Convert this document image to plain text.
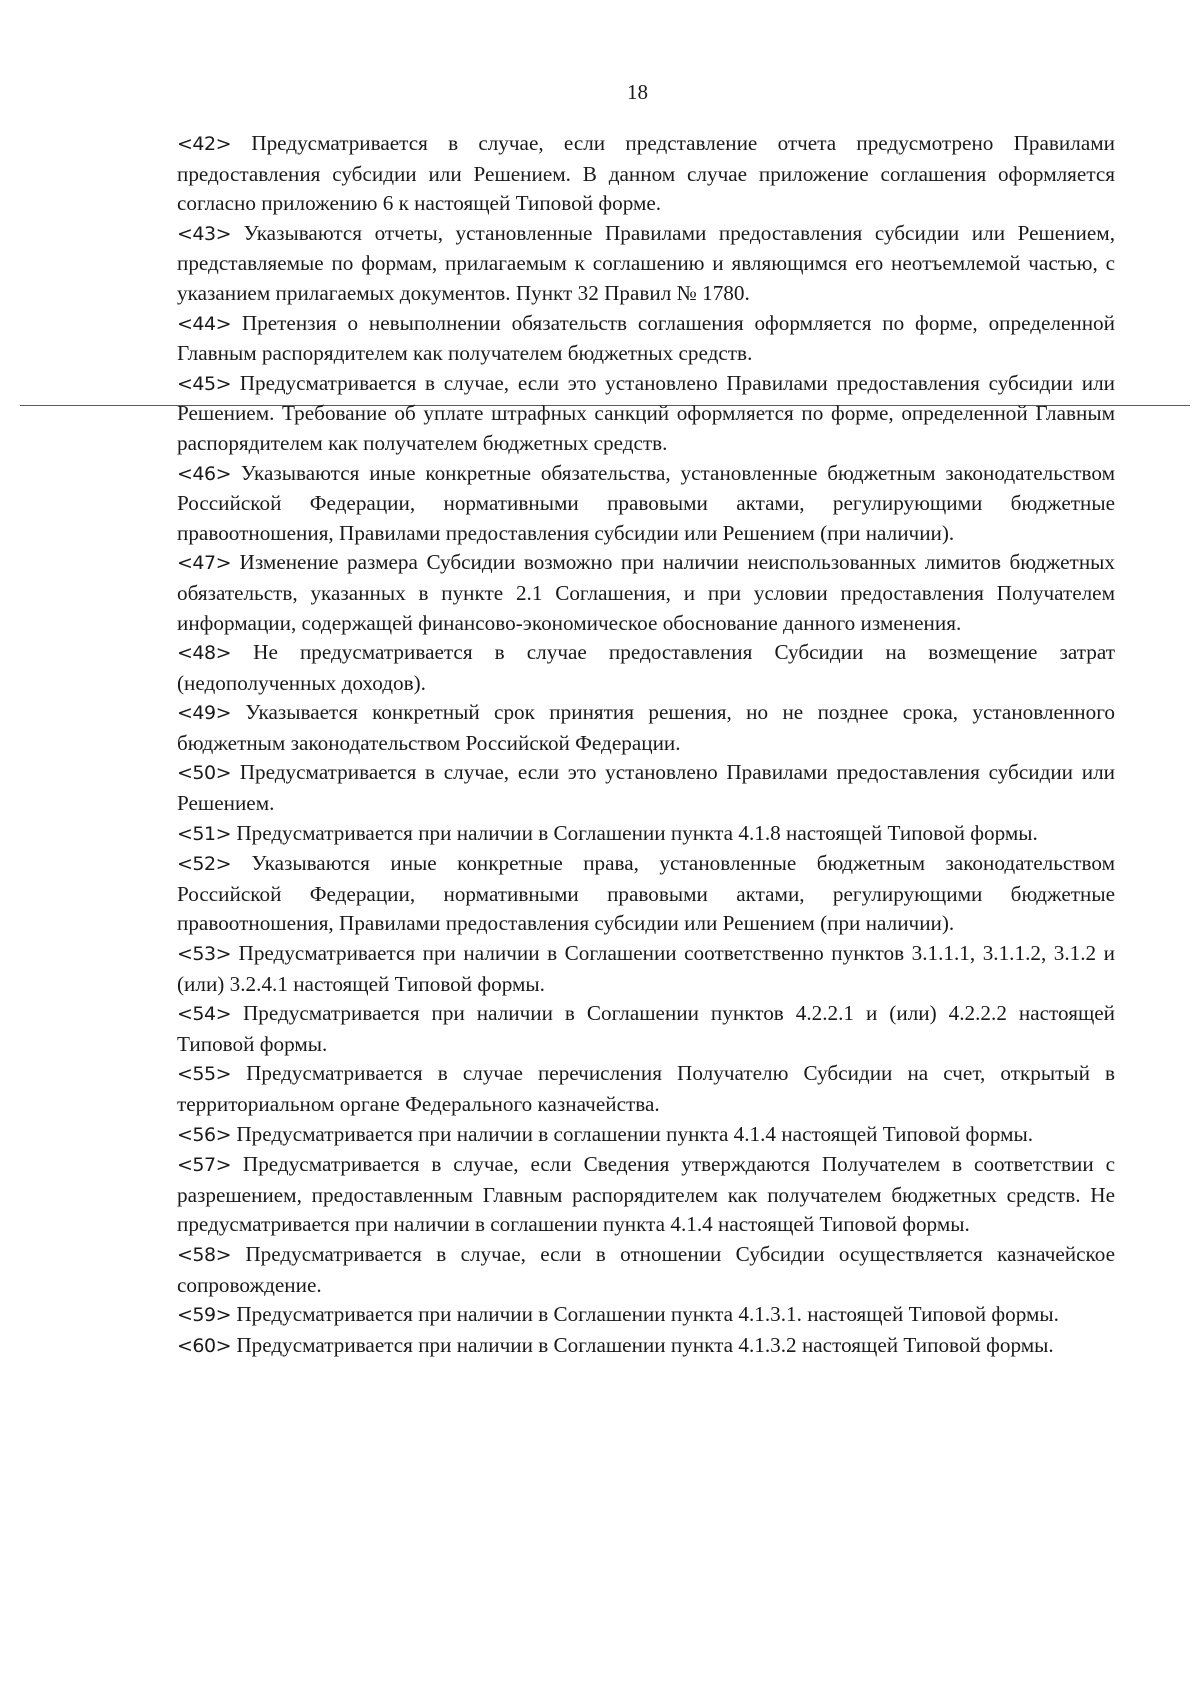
18

<42> Предусматривается в случае, если представление отчета предусмотрено Правилами предоставления субсидии или Решением. В данном случае приложение соглашения оформляется согласно приложению 6 к настоящей Типовой форме.

<43> Указываются отчеты, установленные Правилами предоставления субсидии или Решением, представляемые по формам, прилагаемым к соглашению и являющимся его неотъемлемой частью, с указанием прилагаемых документов. Пункт 32 Правил № 1780.

<44> Претензия о невыполнении обязательств соглашения оформляется по форме, определенной Главным распорядителем как получателем бюджетных средств.

<45> Предусматривается в случае, если это установлено Правилами предоставления субсидии или Решением. Требование об уплате штрафных санкций оформляется по форме, определенной Главным распорядителем как получателем бюджетных средств.

<46> Указываются иные конкретные обязательства, установленные бюджетным законодательством Российской Федерации, нормативными правовыми актами, регулирующими бюджетные правоотношения, Правилами предоставления субсидии или Решением (при наличии).

<47> Изменение размера Субсидии возможно при наличии неиспользованных лимитов бюджетных обязательств, указанных в пункте 2.1 Соглашения, и при условии предоставления Получателем информации, содержащей финансово-экономическое обоснование данного изменения.

<48> Не предусматривается в случае предоставления Субсидии на возмещение затрат (недополученных доходов).

<49> Указывается конкретный срок принятия решения, но не позднее срока, установленного бюджетным законодательством Российской Федерации.

<50> Предусматривается в случае, если это установлено Правилами предоставления субсидии или Решением.

<51> Предусматривается при наличии в Соглашении пункта 4.1.8 настоящей Типовой формы.

<52> Указываются иные конкретные права, установленные бюджетным законодательством Российской Федерации, нормативными правовыми актами, регулирующими бюджетные правоотношения, Правилами предоставления субсидии или Решением (при наличии).

<53> Предусматривается при наличии в Соглашении соответственно пунктов 3.1.1.1, 3.1.1.2, 3.1.2 и (или) 3.2.4.1 настоящей Типовой формы.

<54> Предусматривается при наличии в Соглашении пунктов 4.2.2.1 и (или) 4.2.2.2 настоящей Типовой формы.

<55> Предусматривается в случае перечисления Получателю Субсидии на счет, открытый в территориальном органе Федерального казначейства.

<56> Предусматривается при наличии в соглашении пункта 4.1.4 настоящей Типовой формы.

<57> Предусматривается в случае, если Сведения утверждаются Получателем в соответствии с разрешением, предоставленным Главным распорядителем как получателем бюджетных средств. Не предусматривается при наличии в соглашении пункта 4.1.4 настоящей Типовой формы.

<58> Предусматривается в случае, если в отношении Субсидии осуществляется казначейское сопровождение.

<59> Предусматривается при наличии в Соглашении пункта 4.1.3.1. настоящей Типовой формы.

<60> Предусматривается при наличии в Соглашении пункта 4.1.3.2 настоящей Типовой формы.
